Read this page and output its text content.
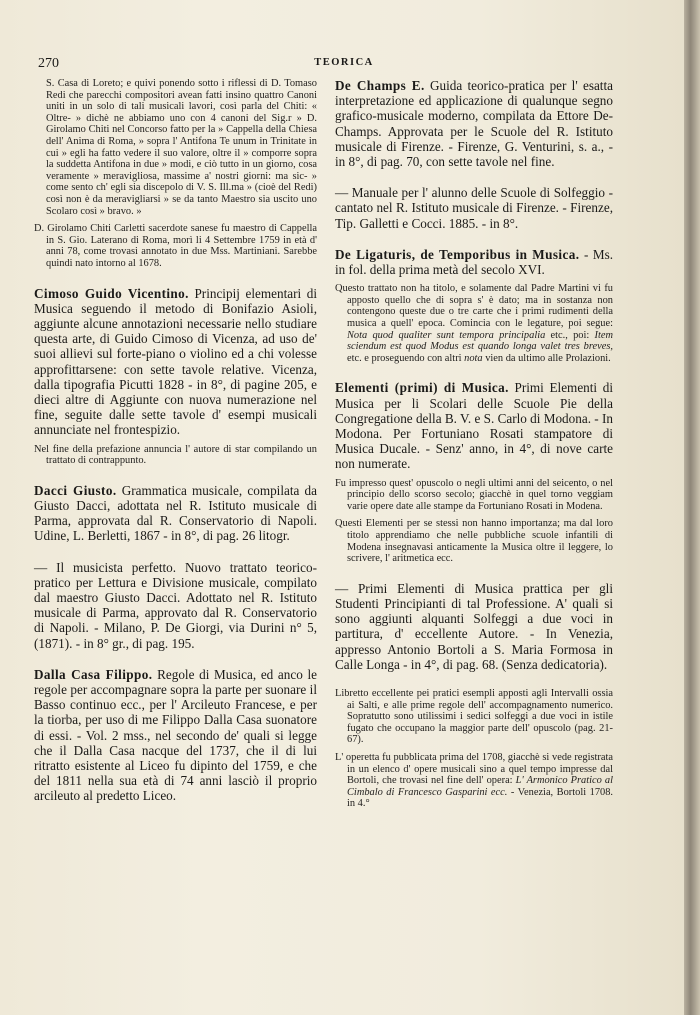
270	TEORICA

S. Casa di Loreto; e quivi ponendo sotto i riflessi di D. Tomaso Redi che parecchi compositori avean fatti insino quattro Canoni uniti in un solo di tali musicali lavori, così parla del Chiti: « Oltre- » dichè ne abbiamo uno con 4 canoni del Sig.r » D. Girolamo Chiti nel Concorso fatto per la » Cappella della Chiesa dell' Anima di Roma, » sopra l' Antifona Te unum in Trinitate in cui » egli ha fatto vedere il suo valore, oltre il » comporre sopra la suddetta Antifona in due » modi, e ciò tutto in un giorno, cosa veramente » meravigliosa, massime a' nostri giorni: ma sic- » come sento ch' egli sia discepolo di V. S. Ill.ma » (cioè del Redi) così non è da meravigliarsi » se da tanto Maestro sia uscito uno Scolaro così » bravo. »

D. Girolamo Chiti Carletti sacerdote sanese fu maestro di Cappella in S. Gio. Laterano di Roma, morì li 4 Settembre 1759 in età d' anni 78, come trovasi annotato in due Mss. Martiniani. Sarebbe quindi nato intorno al 1678.

Cimoso Guido Vicentino. Principij elementari di Musica seguendo il metodo di Bonifazio Asioli, aggiunte alcune annotazioni necessarie nello studiare questa arte, di Guido Cimoso di Vicenza, ad uso de' suoi allievi sul forte-piano o violino ed a chi volesse approfittarsene: con sette tavole relative. Vicenza, dalla tipografia Picutti 1828 - in 8°, di pagine 205, e dieci altre di Aggiunte con nuova numerazione nel fine, seguite dalle sette tavole d' esempi musicali annunciate nel frontespizio.

Nel fine della prefazione annuncia l' autore di star compilando un trattato di contrappunto.

Dacci Giusto. Grammatica musicale, compilata da Giusto Dacci, adottata nel R. Istituto musicale di Parma, approvata dal R. Conservatorio di Napoli. Udine, L. Berletti, 1867 - in 8°, di pag. 26 litogr.

— Il musicista perfetto. Nuovo trattato teorico-pratico per Lettura e Divisione musicale, compilato dal maestro Giusto Dacci. Adottato nel R. Istituto musicale di Parma, approvato dal R. Conservatorio di Napoli. - Milano, P. De Giorgi, via Durini n° 5, (1871). - in 8° gr., di pag. 195.

Dalla Casa Filippo. Regole di Musica, ed anco le regole per accompagnare sopra la parte per suonare il Basso continuo ecc., per l' Arcileuto Francese, e per la tiorba, per uso di me Filippo Dalla Casa suonatore di essi. - Vol. 2 mss., nel secondo de' quali si legge che il Dalla Casa nacque del 1737, che il di lui ritratto esistente al Liceo fu dipinto del 1759, e che del 1811 nella sua età di 74 anni lasciò il proprio arcileuto al predetto Liceo.

De Champs E. Guida teorico-pratica per l' esatta interpretazione ed applicazione di qualunque segno grafico-musicale moderno, compilata da Ettore De-Champs. Approvata per le Scuole del R. Istituto musicale di Firenze. - Firenze, G. Venturini, s. a., - in 8°, di pag. 70, con sette tavole nel fine.

— Manuale per l' alunno delle Scuole di Solfeggio - cantato nel R. Istituto musicale di Firenze. - Firenze, Tip. Galletti e Cocci. 1885. - in 8°.

De Ligaturis, de Temporibus in Musica. - Ms. in fol. della prima metà del secolo XVI.

Questo trattato non ha titolo, e solamente dal Padre Martini vi fu apposto quello che di sopra s' è dato; ma in sostanza non contengono queste due o tre carte che i primi rudimenti della musica a quell' epoca. Comincia con le legature, poi segue: Nota quod qualiter sunt tempora principalia etc., poi: Item sciendum est quod Modus est quando longa valet tres breves, etc. e proseguendo con altri nota vien da ultimo alle Prolazioni.

Elementi (primi) di Musica. Primi Elementi di Musica per li Scolari delle Scuole Pie della Congregatione della B. V. e S. Carlo di Modona. - In Modona. Per Fortuniano Rosati stampatore di Musica Ducale. - Senz' anno, in 4°, di nove carte non numerate.

Fu impresso quest' opuscolo o negli ultimi anni del seicento, o nel principio dello scorso secolo; giacchè in quel torno veggiam varie opere date alle stampe da Fortuniano Rosati in Modena.

Questi Elementi per se stessi non hanno importanza; ma dal loro titolo apprendiamo che nelle pubbliche scuole infantili di Modena insegnavasi anticamente la Musica oltre il leggere, lo scrivere, l' aritmetica ecc.

— Primi Elementi di Musica prattica per gli Studenti Principianti di tal Professione. A' quali si sono aggiunti alquanti Solfeggi a due voci in partitura, d' eccellente Autore. - In Venezia, appresso Antonio Bortoli a S. Maria Formosa in Calle Longa - in 4°, di pag. 68. (Senza dedicatoria).

Libretto eccellente pei pratici esempli apposti agli Intervalli ossia ai Salti, e alle prime regole dell' accompagnamento numerico. Sopratutto sono utilissimi i sedici solfeggi a due voci in istile fugato che occupano la maggior parte dell' opuscolo (pag. 21-67).

L' operetta fu pubblicata prima del 1708, giacchè si vede registrata in un elenco d' opere musicali sino a quel tempo impresse dal Bortoli, che trovasi nel fine dell' opera: L' Armonico Pratico al Cimbalo di Francesco Gasparini ecc. - Venezia, Bortoli 1708. in 4.°
